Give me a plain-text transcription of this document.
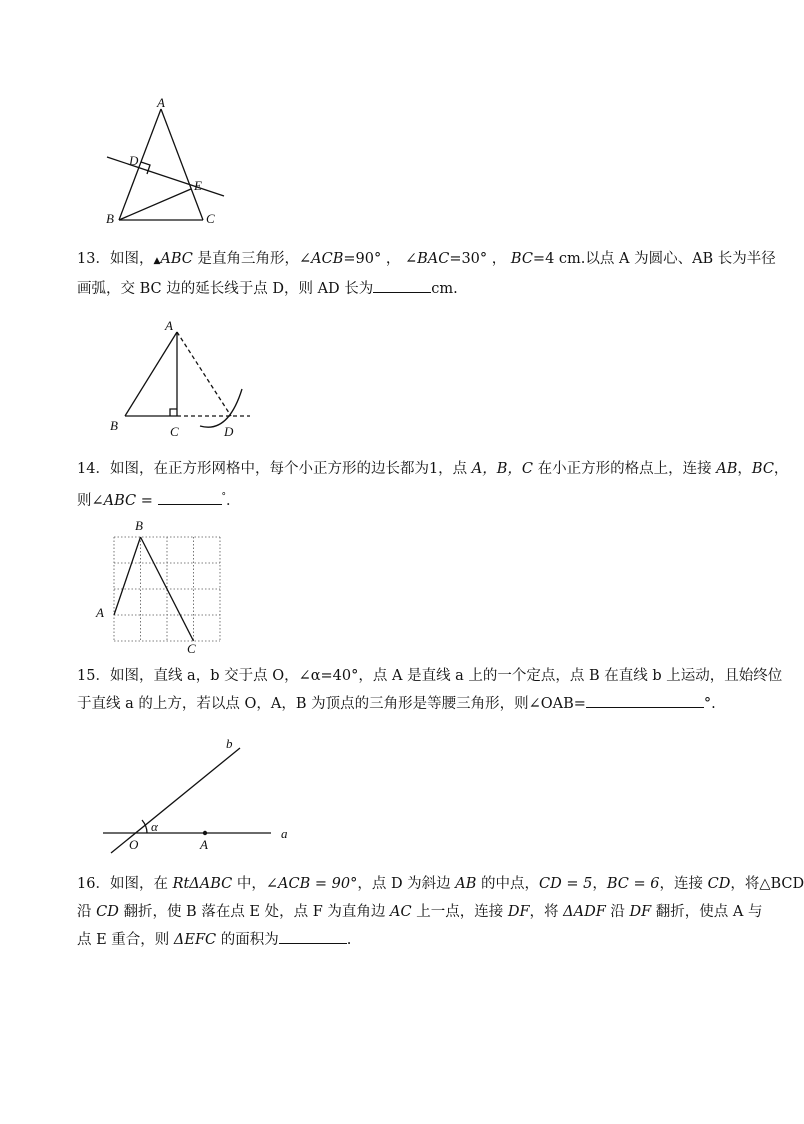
A
B	C
D
E
13．如图，▲ABC 是直角三角形，∠ACB=90° ， ∠BAC=30° ， BC=4 cm.以点 A 为圆心、AB 长为半径
画弧，交 BC 边的延长线于点 D，则 AD 长为	cm.
A
B	C	D
14．如图，在正方形网格中，每个小正方形的边长都为1，点 A，B，C 在小正方形的格点上，连接 AB，BC，
则∠ABC =	°．
B
A
C
15．如图，直线 a，b 交于点 O，∠α=40°，点 A 是直线 a 上的一个定点，点 B 在直线 b 上运动，且始终位
于直线 a 的上方，若以点 O，A，B 为顶点的三角形是等腰三角形，则∠OAB=	°.
b
a
α
O	A
16．如图，在 RtΔABC 中，∠ACB = 90°，点 D 为斜边 AB 的中点，CD = 5，BC = 6，连接 CD，将△BCD
沿 CD 翻折，使 B 落在点 E 处，点 F 为直角边 AC 上一点，连接 DF，将 ΔADF 沿 DF 翻折，使点 A 与
点 E 重合，则 ΔEFC 的面积为	.
